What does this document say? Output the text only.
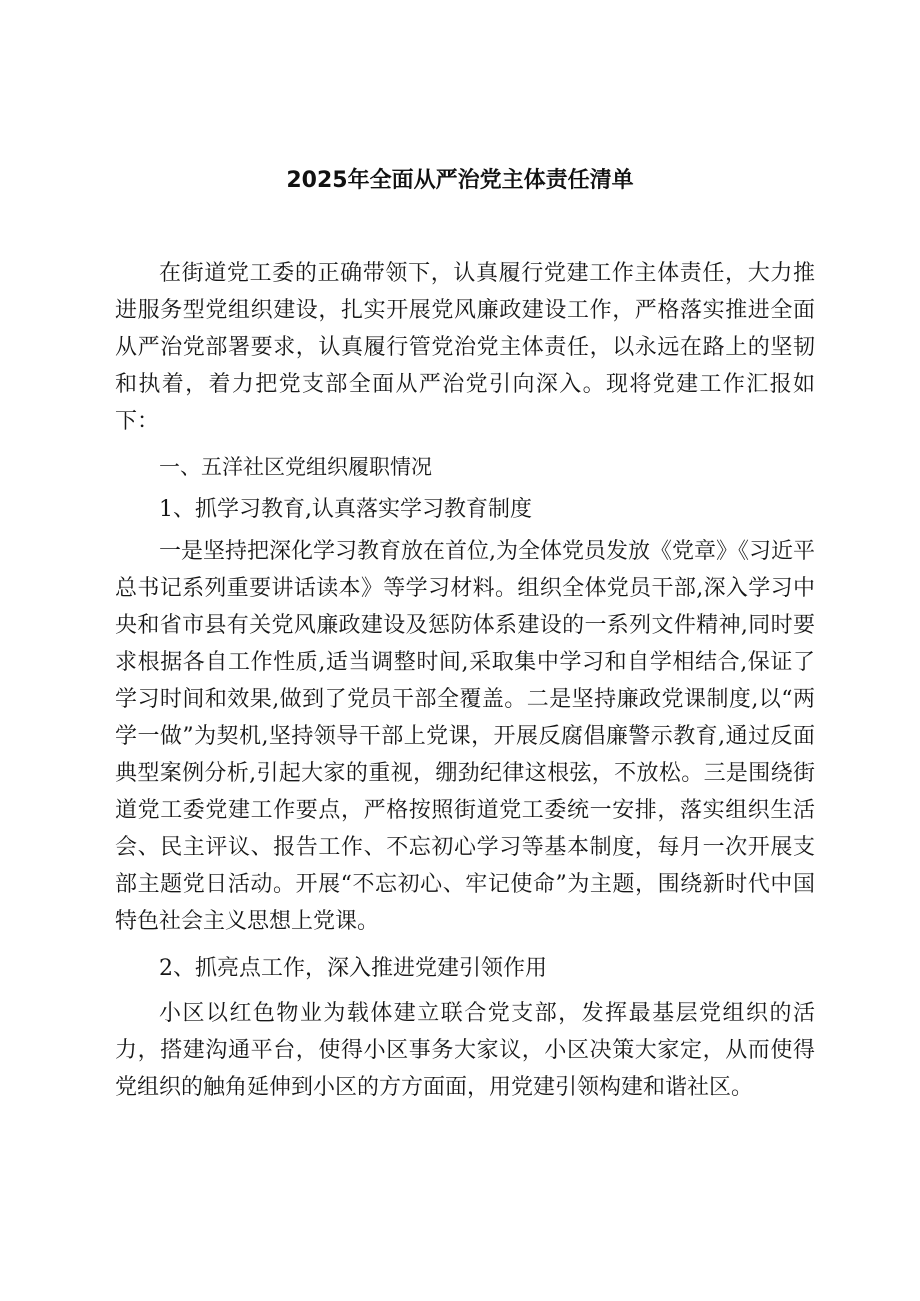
2025年全面从严治党主体责任清单

在街道党工委的正确带领下，认真履行党建工作主体责任，大力推进服务型党组织建设，扎实开展党风廉政建设工作，严格落实推进全面从严治党部署要求，认真履行管党治党主体责任，以永远在路上的坚韧和执着，着力把党支部全面从严治党引向深入。现将党建工作汇报如下：

一、五洋社区党组织履职情况

1、抓学习教育,认真落实学习教育制度

一是坚持把深化学习教育放在首位,为全体党员发放《党章》《习近平总书记系列重要讲话读本》等学习材料。组织全体党员干部,深入学习中央和省市县有关党风廉政建设及惩防体系建设的一系列文件精神,同时要求根据各自工作性质,适当调整时间,采取集中学习和自学相结合,保证了学习时间和效果,做到了党员干部全覆盖。二是坚持廉政党课制度,以“两学一做”为契机,坚持领导干部上党课，开展反腐倡廉警示教育,通过反面典型案例分析,引起大家的重视，绷劲纪律这根弦，不放松。三是围绕街道党工委党建工作要点，严格按照街道党工委统一安排，落实组织生活会、民主评议、报告工作、不忘初心学习等基本制度，每月一次开展支部主题党日活动。开展“不忘初心、牢记使命”为主题，围绕新时代中国特色社会主义思想上党课。

2、抓亮点工作，深入推进党建引领作用

小区以红色物业为载体建立联合党支部，发挥最基层党组织的活力，搭建沟通平台，使得小区事务大家议，小区决策大家定，从而使得党组织的触角延伸到小区的方方面面，用党建引领构建和谐社区。
